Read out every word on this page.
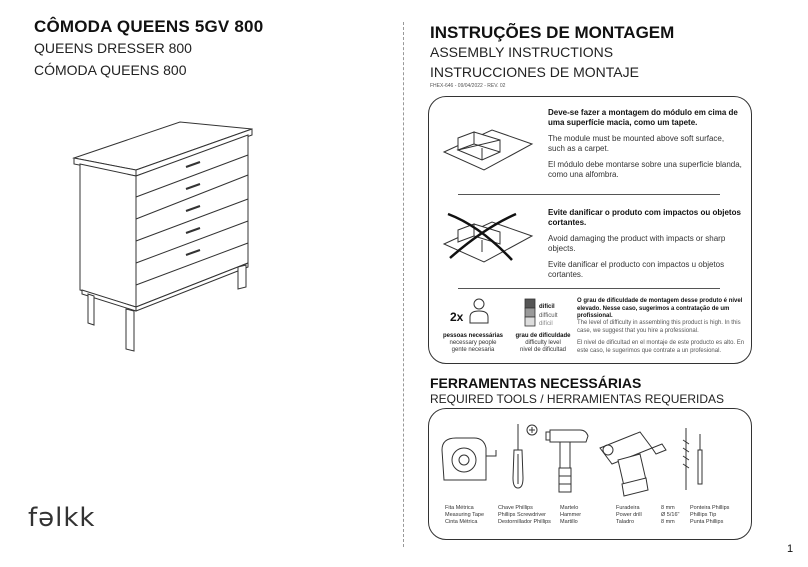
CÔMODA QUEENS 5GV 800
QUEENS DRESSER 800
CÓMODA QUEENS 800
fəlkk
INSTRUÇÕES DE MONTAGEM
ASSEMBLY INSTRUCTIONS
INSTRUCCIONES DE MONTAJE
FHEX-646 - 09/04/2022 - REV. 02
Deve-se fazer a montagem do módulo em cima de uma superfície macia, como um tapete.
The module must be mounted above soft surface, such as a carpet.
El módulo debe montarse sobre una superficie blanda, como una alfombra.
Evite danificar o produto com impactos ou objetos cortantes.
Avoid damaging the product with impacts or sharp objects.
Evite danificar el producto con impactos u objetos cortantes.
2x
pessoas necessárias
necessary people
gente necesaria
difícil
difficult
difícil
grau de dificuldade
difficulty level
nivel de dificultad
O grau de dificuldade de montagem desse produto é nível elevado. Nesse caso, sugerimos a contratação de um profissional.
The level of difficulty in assembling this product is high. In this case, we suggest that you hire a professional.
El nivel de dificultad en el montaje de este producto es alto. En este caso, le sugerimos que contrate a un profesional.
FERRAMENTAS NECESSÁRIAS
REQUIRED TOOLS / HERRAMIENTAS REQUERIDAS
Fita Métrica
Measuring Tape
Cinta Métrica
Chave Phillips
Phillips Screwdriver
Destornillador Phillips
Martelo
Hammer
Martillo
Furadeira
Power drill
Taladro
8 mm
Ø 5/16"
8 mm
Ponteira Phillips
Phillips Tip
Punta Phillips
1
